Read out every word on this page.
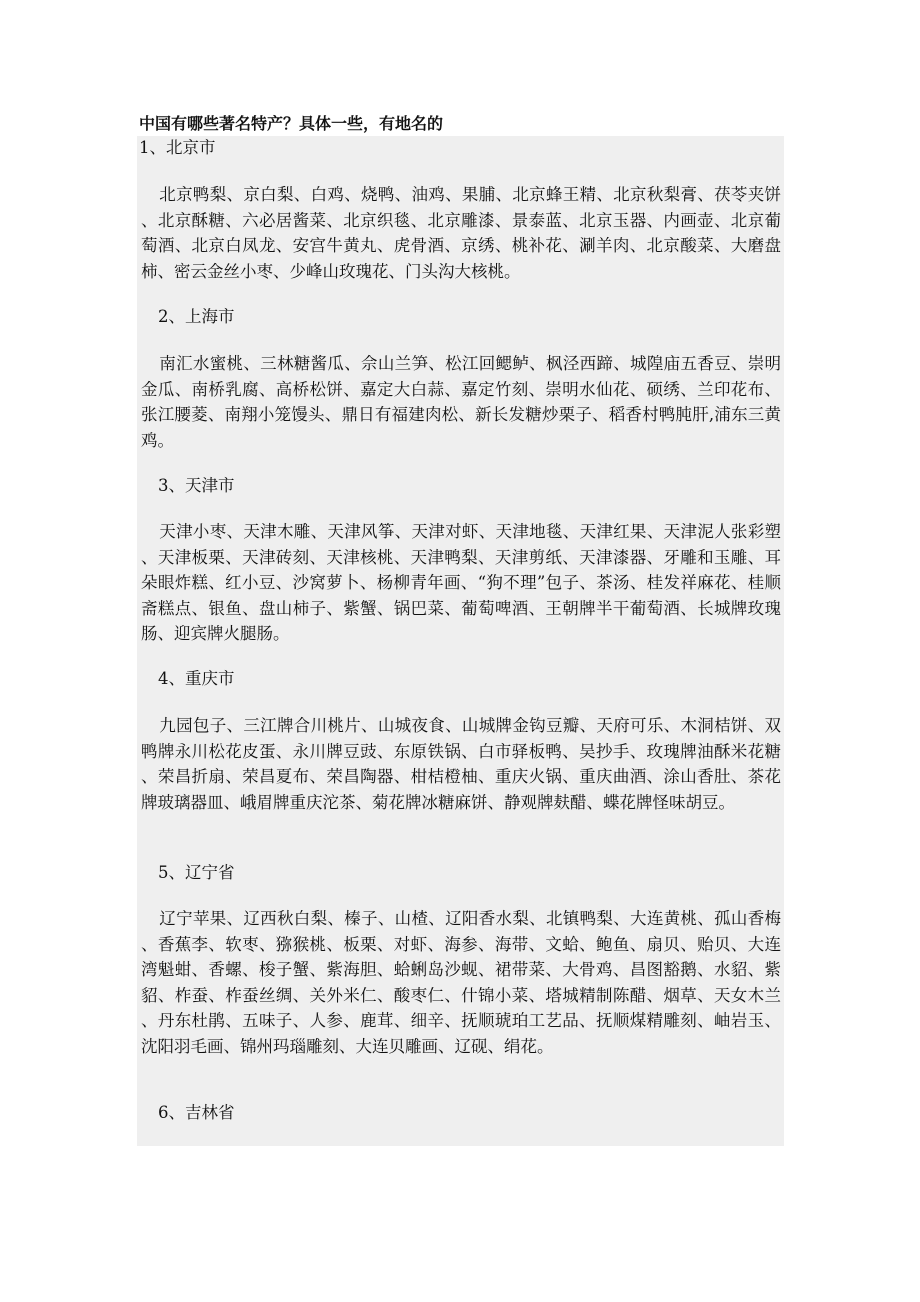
中国有哪些著名特产？具体一些，有地名的
1、北京市
北京鸭梨、京白梨、白鸡、烧鸭、油鸡、果脯、北京蜂王精、北京秋梨膏、茯苓夹饼、北京酥糖、六必居酱菜、北京织毯、北京雕漆、景泰蓝、北京玉器、内画壶、北京葡萄酒、北京白凤龙、安宫牛黄丸、虎骨酒、京绣、桃补花、涮羊肉、北京酸菜、大磨盘柿、密云金丝小枣、少峰山玫瑰花、门头沟大核桃。
2、上海市
南汇水蜜桃、三林糖酱瓜、佘山兰笋、松江回鳃鲈、枫泾西蹄、城隍庙五香豆、崇明金瓜、南桥乳腐、高桥松饼、嘉定大白蒜、嘉定竹刻、崇明水仙花、硕绣、兰印花布、张江腰菱、南翔小笼馒头、鼎日有福建肉松、新长发糖炒栗子、稻香村鸭肫肝,浦东三黄鸡。
3、天津市
天津小枣、天津木雕、天津风筝、天津对虾、天津地毯、天津红果、天津泥人张彩塑、天津板栗、天津砖刻、天津核桃、天津鸭梨、天津剪纸、天津漆器、牙雕和玉雕、耳朵眼炸糕、红小豆、沙窝萝卜、杨柳青年画、“狗不理”包子、茶汤、桂发祥麻花、桂顺斋糕点、银鱼、盘山柿子、紫蟹、锅巴菜、葡萄啤酒、王朝牌半干葡萄酒、长城牌玫瑰肠、迎宾牌火腿肠。
4、重庆市
九园包子、三江牌合川桃片、山城夜食、山城牌金钩豆瓣、天府可乐、木洞桔饼、双鸭牌永川松花皮蛋、永川牌豆豉、东原铁锅、白市驿板鸭、吴抄手、玫瑰牌油酥米花糖、荣昌折扇、荣昌夏布、荣昌陶器、柑桔橙柚、重庆火锅、重庆曲酒、涂山香肚、茶花牌玻璃器皿、峨眉牌重庆沱茶、菊花牌冰糖麻饼、静观牌麸醋、蝶花牌怪味胡豆。
5、辽宁省
辽宁苹果、辽西秋白梨、榛子、山楂、辽阳香水梨、北镇鸭梨、大连黄桃、孤山香梅、香蕉李、软枣、猕猴桃、板栗、对虾、海参、海带、文蛤、鲍鱼、扇贝、贻贝、大连湾魁蚶、香螺、梭子蟹、紫海胆、蛤蜊岛沙蚬、裙带菜、大骨鸡、昌图豁鹅、水貂、紫貂、柞蚕、柞蚕丝绸、关外米仁、酸枣仁、什锦小菜、塔城精制陈醋、烟草、天女木兰、丹东杜鹃、五味子、人参、鹿茸、细辛、抚顺琥珀工艺品、抚顺煤精雕刻、岫岩玉、沈阳羽毛画、锦州玛瑙雕刻、大连贝雕画、辽砚、绢花。
6、吉林省
